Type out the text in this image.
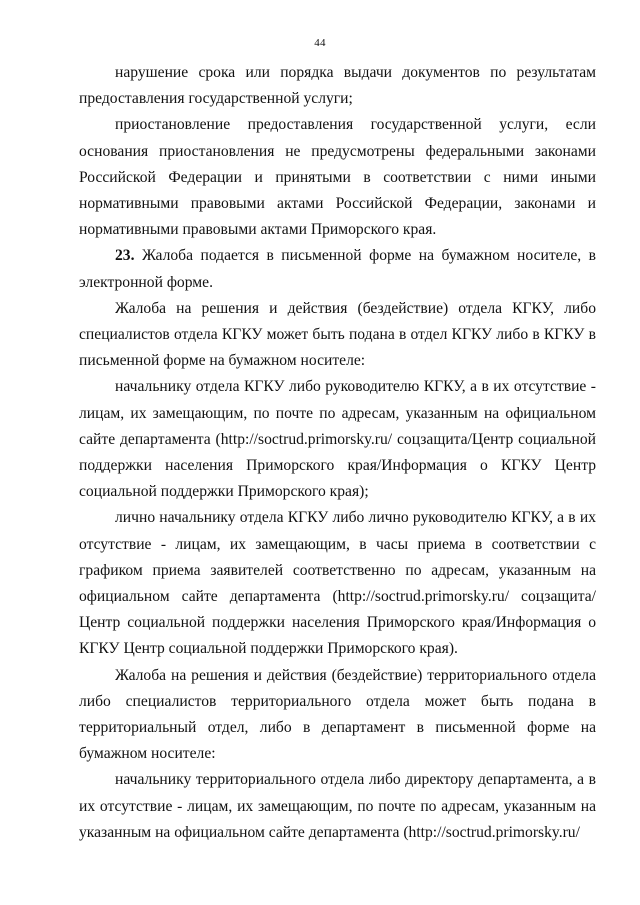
44

нарушение срока или порядка выдачи документов по результатам предоставления государственной услуги;

приостановление предоставления государственной услуги, если основания приостановления не предусмотрены федеральными законами Российской Федерации и принятыми в соответствии с ними иными нормативными правовыми актами Российской Федерации, законами и нормативными правовыми актами Приморского края.

23. Жалоба подается в письменной форме на бумажном носителе, в электронной форме.

Жалоба на решения и действия (бездействие) отдела КГКУ, либо специалистов отдела КГКУ может быть подана в отдел КГКУ либо в КГКУ в письменной форме на бумажном носителе:

начальнику отдела КГКУ либо руководителю КГКУ, а в их отсутствие - лицам, их замещающим, по почте по адресам, указанным на официальном сайте департамента (http://soctrud.primorsky.ru/ соцзащита/Центр социальной поддержки населения Приморского края/Информация о КГКУ Центр социальной поддержки Приморского края);

лично начальнику отдела КГКУ либо лично руководителю КГКУ, а в их отсутствие - лицам, их замещающим, в часы приема в соответствии с графиком приема заявителей соответственно по адресам, указанным на официальном сайте департамента (http://soctrud.primorsky.ru/ соцзащита/Центр социальной поддержки населения Приморского края/Информация о КГКУ Центр социальной поддержки Приморского края).

Жалоба на решения и действия (бездействие) территориального отдела либо специалистов территориального отдела может быть подана в территориальный отдел, либо в департамент в письменной форме на бумажном носителе:

начальнику территориального отдела либо директору департамента, а в их отсутствие - лицам, их замещающим, по почте по адресам, указанным на указанным на официальном сайте департамента (http://soctrud.primorsky.ru/
